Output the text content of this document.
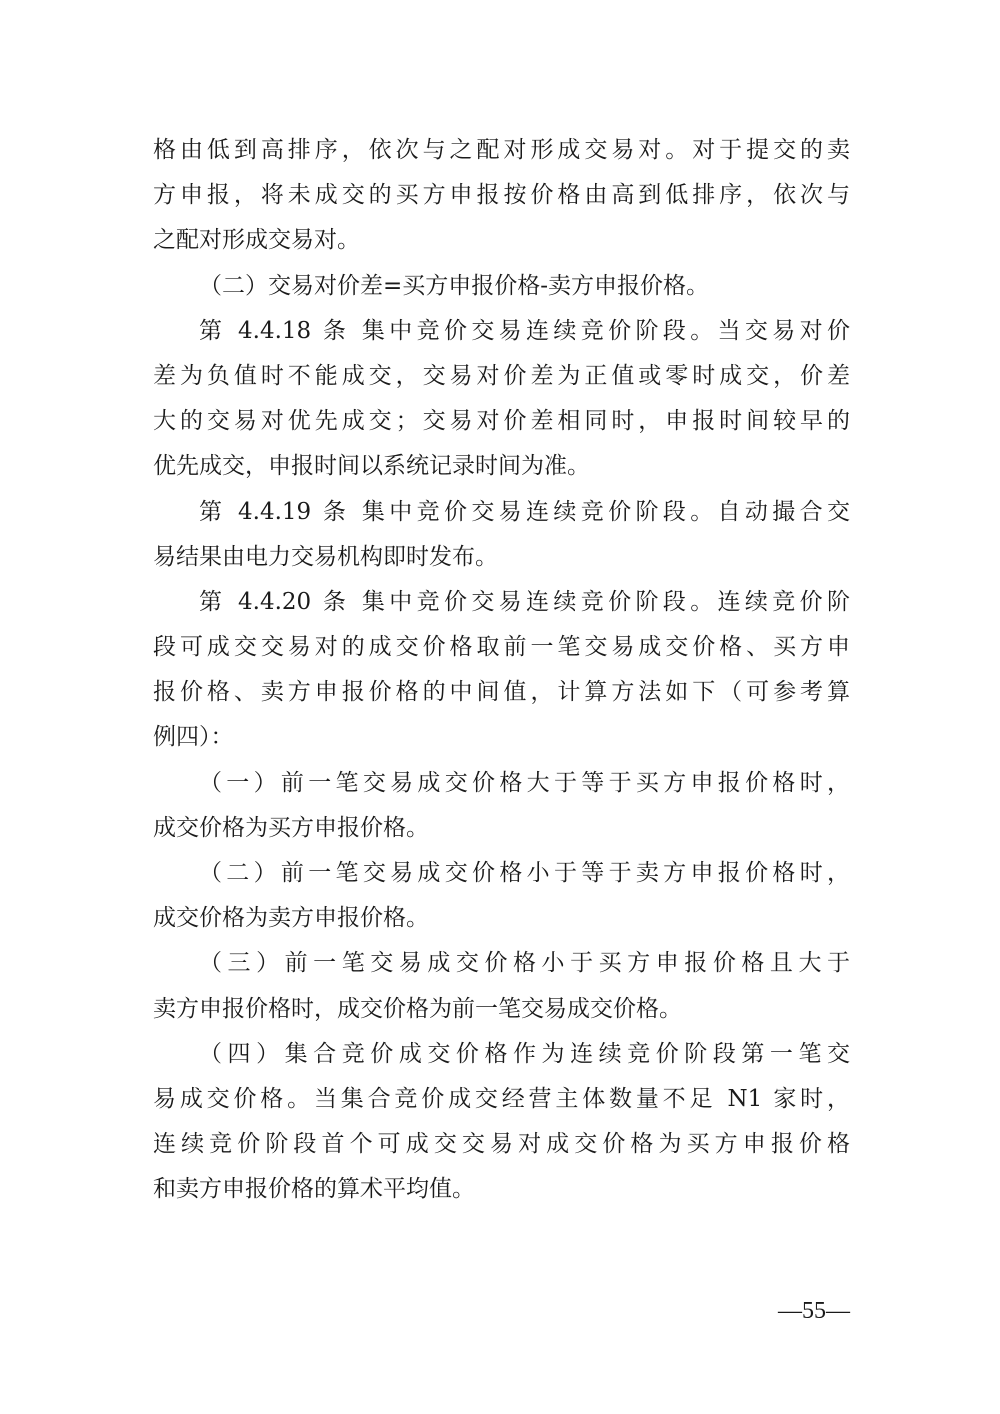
格由低到高排序，依次与之配对形成交易对。对于提交的卖
方申报，将未成交的买方申报按价格由高到低排序，依次与
之配对形成交易对。
（二）交易对价差=买方申报价格-卖方申报价格。
第 4.4.18 条 集中竞价交易连续竞价阶段。当交易对价
差为负值时不能成交，交易对价差为正值或零时成交，价差
大的交易对优先成交；交易对价差相同时，申报时间较早的
优先成交，申报时间以系统记录时间为准。
第 4.4.19 条 集中竞价交易连续竞价阶段。自动撮合交
易结果由电力交易机构即时发布。
第 4.4.20 条 集中竞价交易连续竞价阶段。连续竞价阶
段可成交交易对的成交价格取前一笔交易成交价格、买方申
报价格、卖方申报价格的中间值，计算方法如下（可参考算
例四）：
（一）前一笔交易成交价格大于等于买方申报价格时，
成交价格为买方申报价格。
（二）前一笔交易成交价格小于等于卖方申报价格时，
成交价格为卖方申报价格。
（三）前一笔交易成交价格小于买方申报价格且大于
卖方申报价格时，成交价格为前一笔交易成交价格。
（四）集合竞价成交价格作为连续竞价阶段第一笔交
易成交价格。当集合竞价成交经营主体数量不足 N1 家时，
连续竞价阶段首个可成交交易对成交价格为买方申报价格
和卖方申报价格的算术平均值。
—55—
